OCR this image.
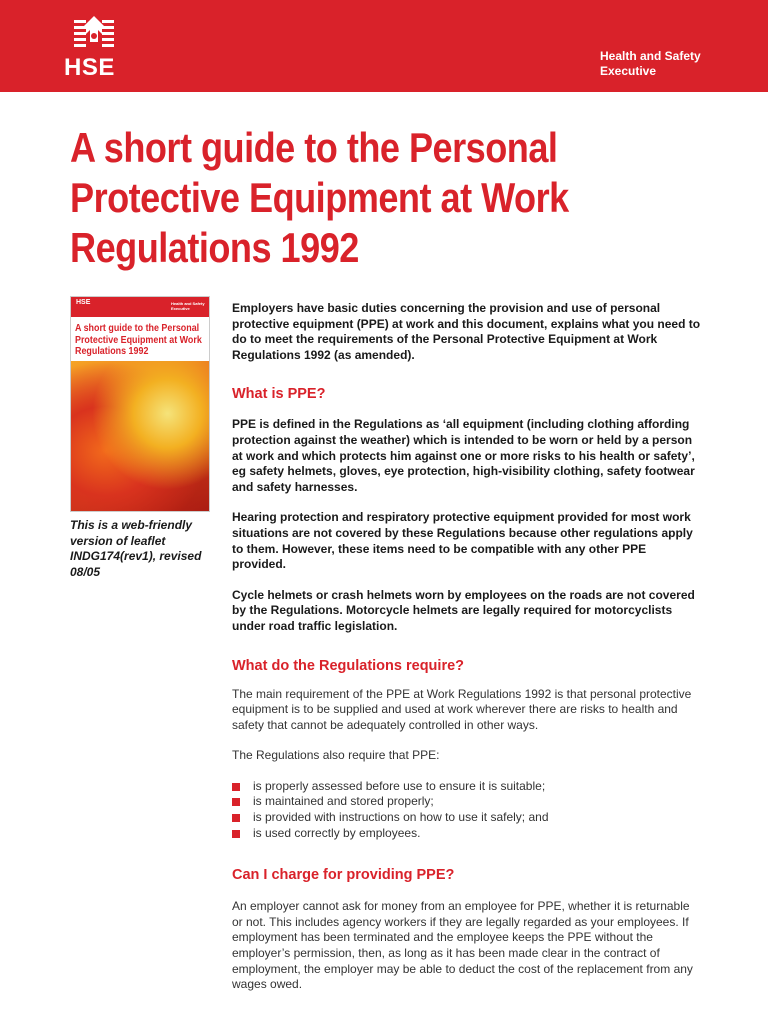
HSE	Health and Safety Executive
A short guide to the Personal Protective Equipment at Work Regulations 1992
HSE	Health and Safety Executive
A short guide to the Personal Protective Equipment at Work Regulations 1992

This is a web-friendly version of leaflet INDG174(rev1), revised 08/05

Employers have basic duties concerning the provision and use of personal protective equipment (PPE) at work and this document, explains what you need to do to meet the requirements of the Personal Protective Equipment at Work Regulations 1992 (as amended).

What is PPE?

PPE is defined in the Regulations as ‘all equipment (including clothing affording protection against the weather) which is intended to be worn or held by a person at work and which protects him against one or more risks to his health or safety’, eg safety helmets, gloves, eye protection, high-visibility clothing, safety footwear and safety harnesses.

Hearing protection and respiratory protective equipment provided for most work situations are not covered by these Regulations because other regulations apply to them. However, these items need to be compatible with any other PPE provided.

Cycle helmets or crash helmets worn by employees on the roads are not covered by the Regulations. Motorcycle helmets are legally required for motorcyclists under road traffic legislation.

What do the Regulations require?

The main requirement of the PPE at Work Regulations 1992 is that personal protective equipment is to be supplied and used at work wherever there are risks to health and safety that cannot be adequately controlled in other ways.

The Regulations also require that PPE:

is properly assessed before use to ensure it is suitable;
is maintained and stored properly;
is provided with instructions on how to use it safely; and
is used correctly by employees.
Can I charge for providing PPE?

An employer cannot ask for money from an employee for PPE, whether it is returnable or not. This includes agency workers if they are legally regarded as your employees. If employment has been terminated and the employee keeps the PPE without the employer’s permission, then, as long as it has been made clear in the contract of employment, the employer may be able to deduct the cost of the replacement from any wages owed.
